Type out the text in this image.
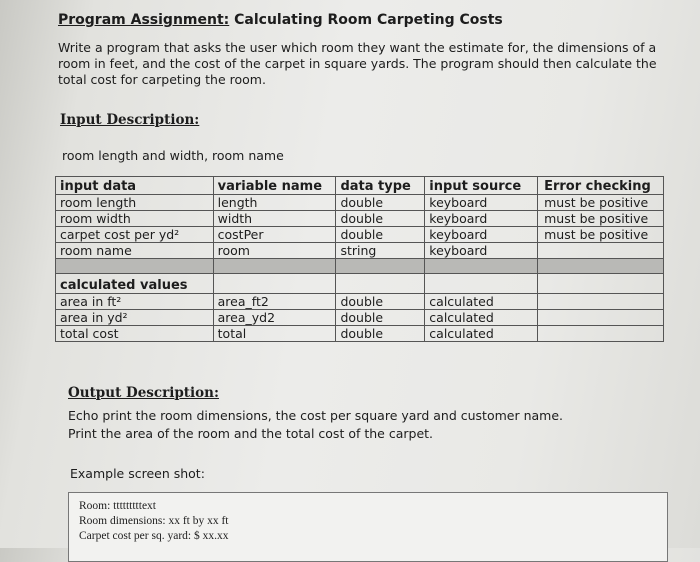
Program Assignment: Calculating Room Carpeting Costs
Write a program that asks the user which room they want the estimate for, the dimensions of a room in feet, and the cost of the carpet in square yards. The program should then calculate the total cost for carpeting the room.
Input Description:
room length and width, room name
input data	variable name	data type	input source	Error checking
room length	length	double	keyboard	must be positive
room width	width	double	keyboard	must be positive
carpet cost per yd²	costPer	double	keyboard	must be positive
room name	room	string	keyboard	

calculated values				
area in ft²	area_ft2	double	calculated	
area in yd²	area_yd2	double	calculated	
total cost	total	double	calculated	
Output Description:
Echo print the room dimensions, the cost per square yard and customer name.
Print the area of the room and the total cost of the carpet.
Example screen shot:
Room: tttttttttext
Room dimensions: xx ft by xx ft
Carpet cost per sq. yard: $ xx.xx
